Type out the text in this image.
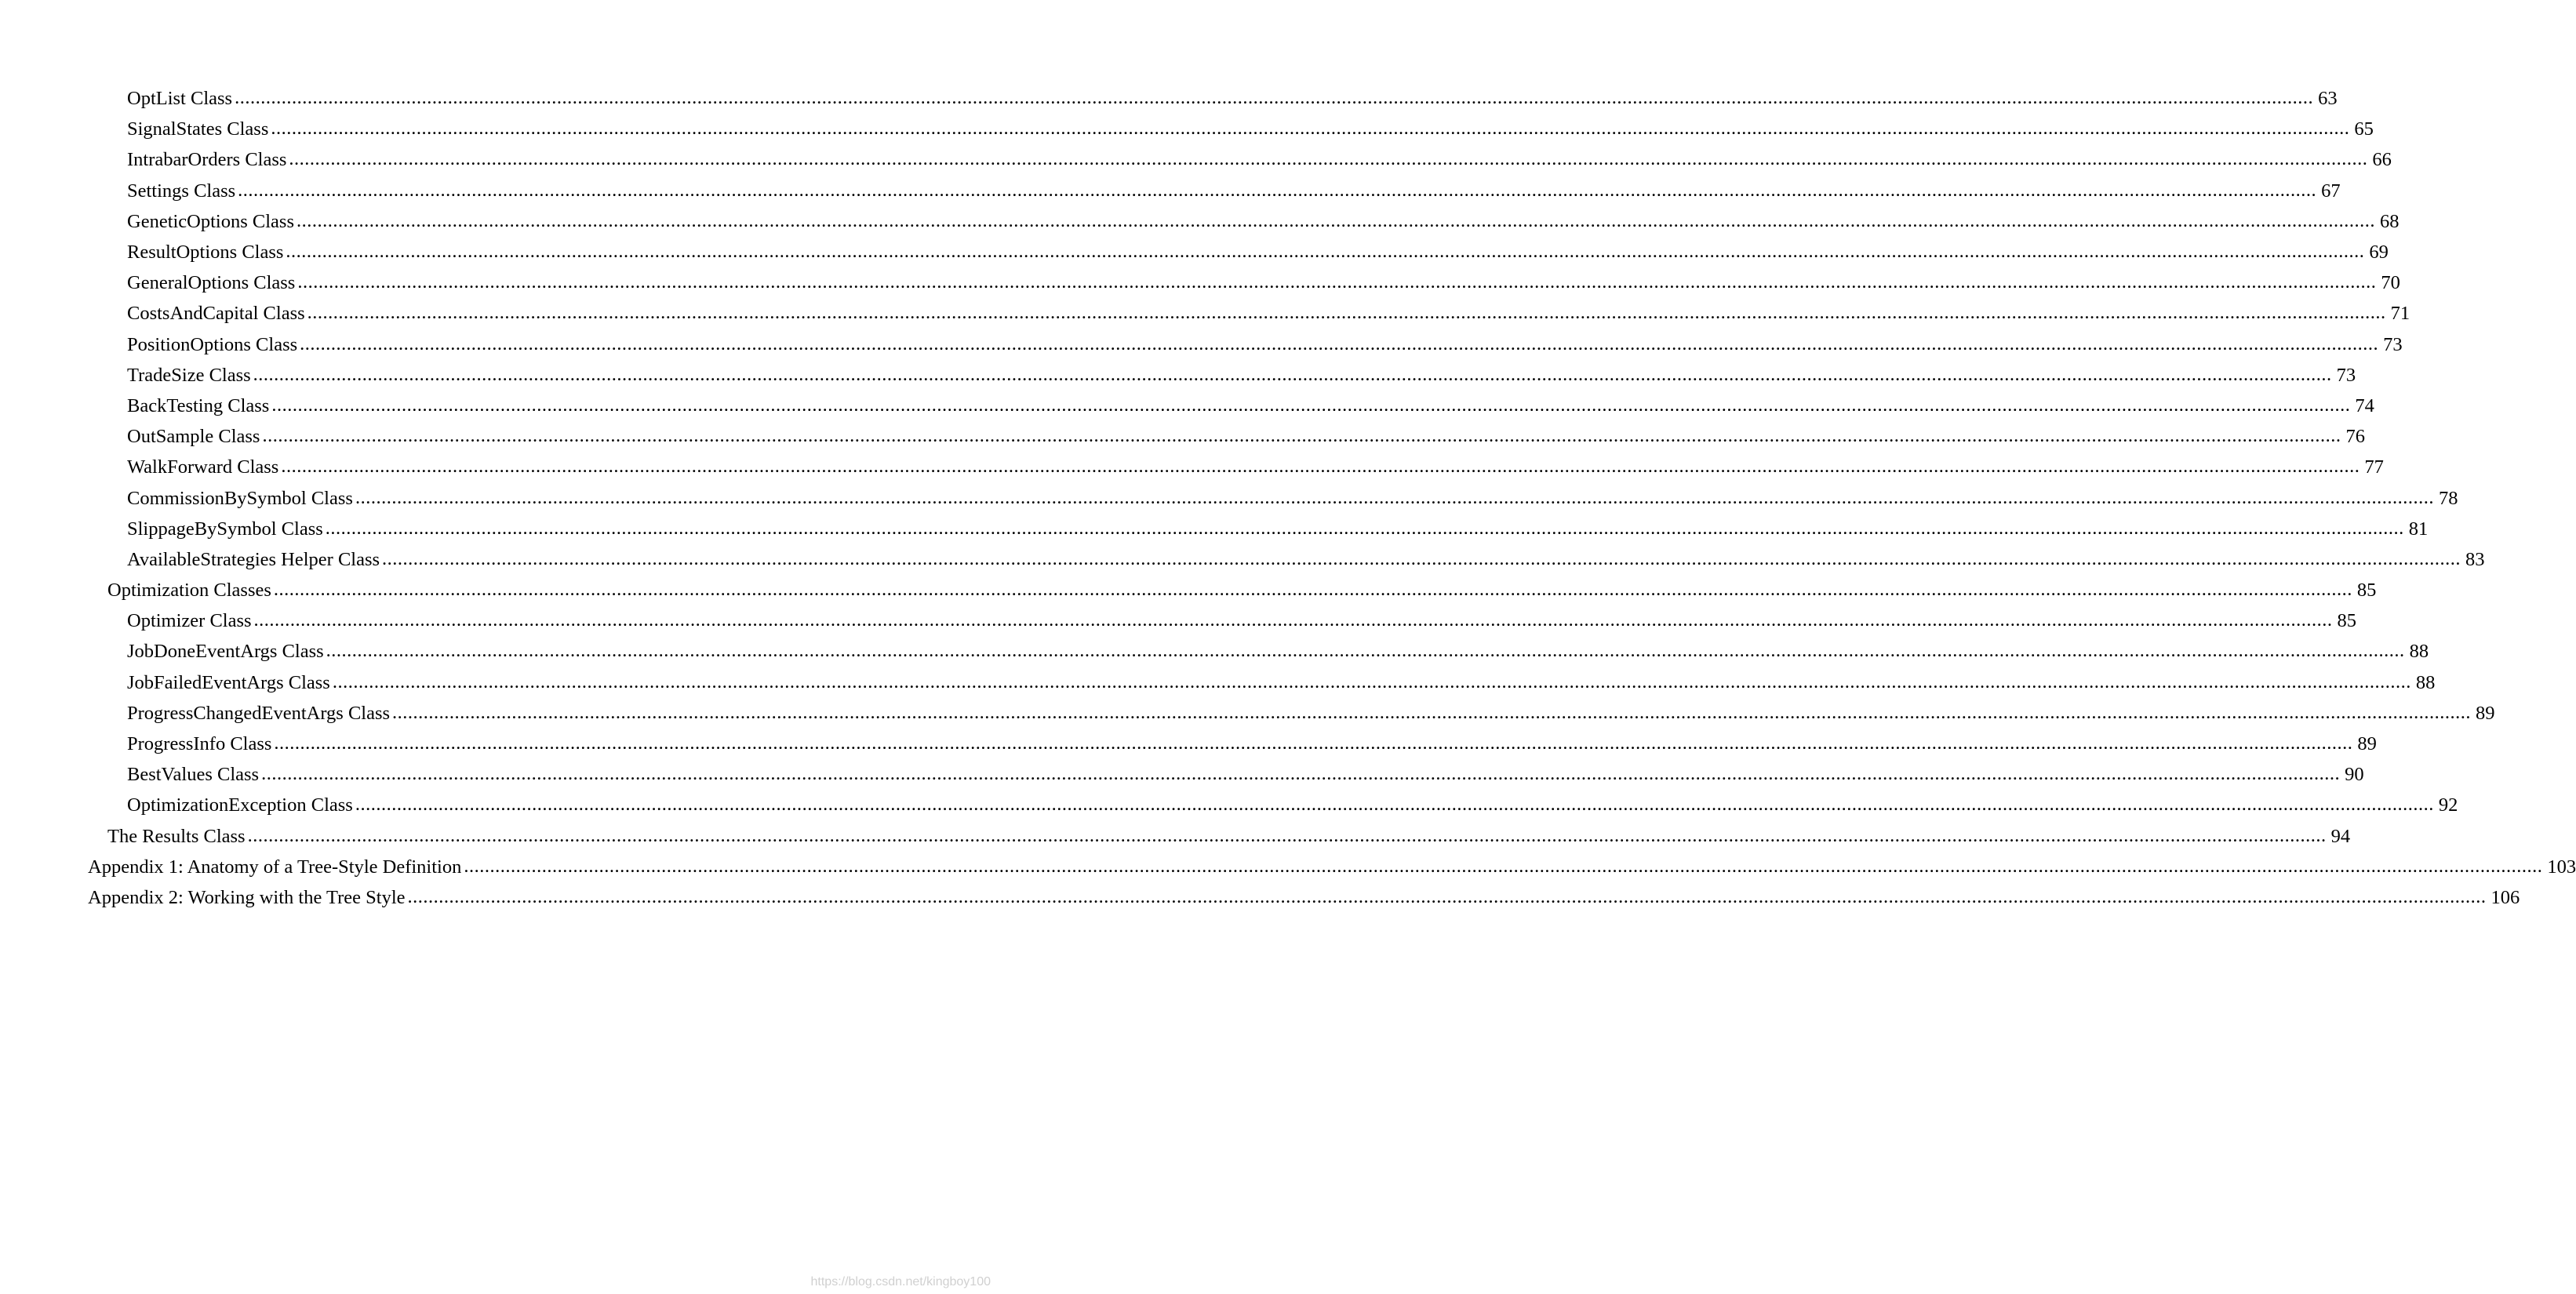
OptList Class ................................................................................................................................................................................................................................................................................................................................................................................................................ 63
SignalStates Class ................................................................................................................................................................................................................................................................................................................................................................................................................ 65
IntrabarOrders Class ................................................................................................................................................................................................................................................................................................................................................................................................................ 66
Settings Class ................................................................................................................................................................................................................................................................................................................................................................................................................ 67
GeneticOptions Class ................................................................................................................................................................................................................................................................................................................................................................................................................ 68
ResultOptions Class ................................................................................................................................................................................................................................................................................................................................................................................................................ 69
GeneralOptions Class ................................................................................................................................................................................................................................................................................................................................................................................................................ 70
CostsAndCapital Class ................................................................................................................................................................................................................................................................................................................................................................................................................ 71
PositionOptions Class ................................................................................................................................................................................................................................................................................................................................................................................................................ 73
TradeSize Class ................................................................................................................................................................................................................................................................................................................................................................................................................ 73
BackTesting Class ................................................................................................................................................................................................................................................................................................................................................................................................................ 74
OutSample Class ................................................................................................................................................................................................................................................................................................................................................................................................................ 76
WalkForward Class ................................................................................................................................................................................................................................................................................................................................................................................................................ 77
CommissionBySymbol Class ................................................................................................................................................................................................................................................................................................................................................................................................................ 78
SlippageBySymbol Class ................................................................................................................................................................................................................................................................................................................................................................................................................ 81
AvailableStrategies Helper Class ................................................................................................................................................................................................................................................................................................................................................................................................................ 83
Optimization Classes ................................................................................................................................................................................................................................................................................................................................................................................................................ 85
Optimizer Class ................................................................................................................................................................................................................................................................................................................................................................................................................ 85
JobDoneEventArgs Class ................................................................................................................................................................................................................................................................................................................................................................................................................ 88
JobFailedEventArgs Class ................................................................................................................................................................................................................................................................................................................................................................................................................ 88
ProgressChangedEventArgs Class ................................................................................................................................................................................................................................................................................................................................................................................................................ 89
ProgressInfo Class ................................................................................................................................................................................................................................................................................................................................................................................................................ 89
BestValues Class ................................................................................................................................................................................................................................................................................................................................................................................................................ 90
OptimizationException Class ................................................................................................................................................................................................................................................................................................................................................................................................................ 92
The Results Class ................................................................................................................................................................................................................................................................................................................................................................................................................ 94
Appendix 1: Anatomy of a Tree-Style Definition ................................................................................................................................................................................................................................................................................................................................................................................................................ 103
Appendix 2: Working with the Tree Style ................................................................................................................................................................................................................................................................................................................................................................................................................ 106
https://blog.csdn.net/kingboy100
